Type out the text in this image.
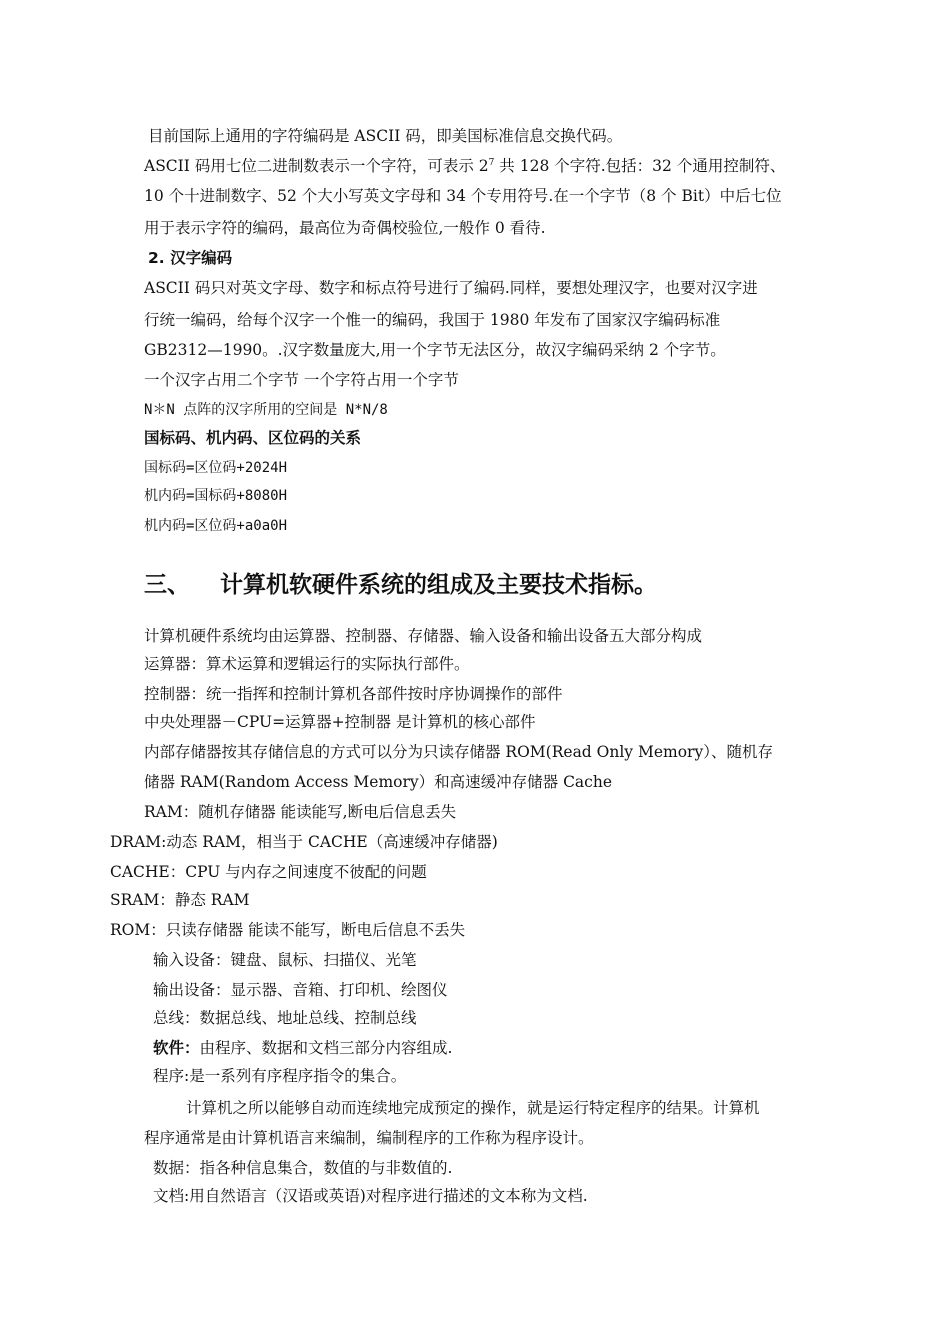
目前国际上通用的字符编码是 ASCII 码，即美国标准信息交换代码。
ASCII 码用七位二进制数表示一个字符，可表示 $2^7$ 共 128 个字符.包括：32 个通用控制符、
10 个十进制数字、52 个大小写英文字母和 34 个专用符号.在一个字节（8 个 Bit）中后七位
用于表示字符的编码，最高位为奇偶校验位,一般作 0 看待.
2. 汉字编码
ASCII 码只对英文字母、数字和标点符号进行了编码.同样，要想处理汉字，也要对汉字进
行统一编码，给每个汉字一个惟一的编码，我国于 1980 年发布了国家汉字编码标准
GB2312—1990。.汉字数量庞大,用一个字节无法区分，故汉字编码采纳 2 个字节。
一个汉字占用二个字节 一个字符占用一个字节
N＊N 点阵的汉字所用的空间是 N*N/8
国标码、机内码、区位码的关系
国标码=区位码+2024H
机内码=国标码+8080H
机内码=区位码+a0a0H
三、 计算机软硬件系统的组成及主要技术指标。
计算机硬件系统均由运算器、控制器、存储器、输入设备和输出设备五大部分构成
运算器：算术运算和逻辑运行的实际执行部件。
控制器：统一指挥和控制计算机各部件按时序协调操作的部件
中央处理器－CPU=运算器+控制器 是计算机的核心部件
内部存储器按其存储信息的方式可以分为只读存储器 ROM(Read Only Memory）、随机存
储器 RAM(Random Access Memory）和高速缓冲存储器 Cache
RAM：随机存储器 能读能写,断电后信息丢失
DRAM:动态 RAM，相当于 CACHE（高速缓冲存储器)
CACHE：CPU 与内存之间速度不彼配的问题
SRAM：静态 RAM
ROM：只读存储器 能读不能写，断电后信息不丢失
输入设备：键盘、鼠标、扫描仪、光笔
输出设备：显示器、音箱、打印机、绘图仪
总线：数据总线、地址总线、控制总线
软件：由程序、数据和文档三部分内容组成.
程序:是一系列有序程序指令的集合。
计算机之所以能够自动而连续地完成预定的操作，就是运行特定程序的结果。计算机
程序通常是由计算机语言来编制，编制程序的工作称为程序设计。
数据：指各种信息集合，数值的与非数值的.
文档:用自然语言（汉语或英语)对程序进行描述的文本称为文档.
